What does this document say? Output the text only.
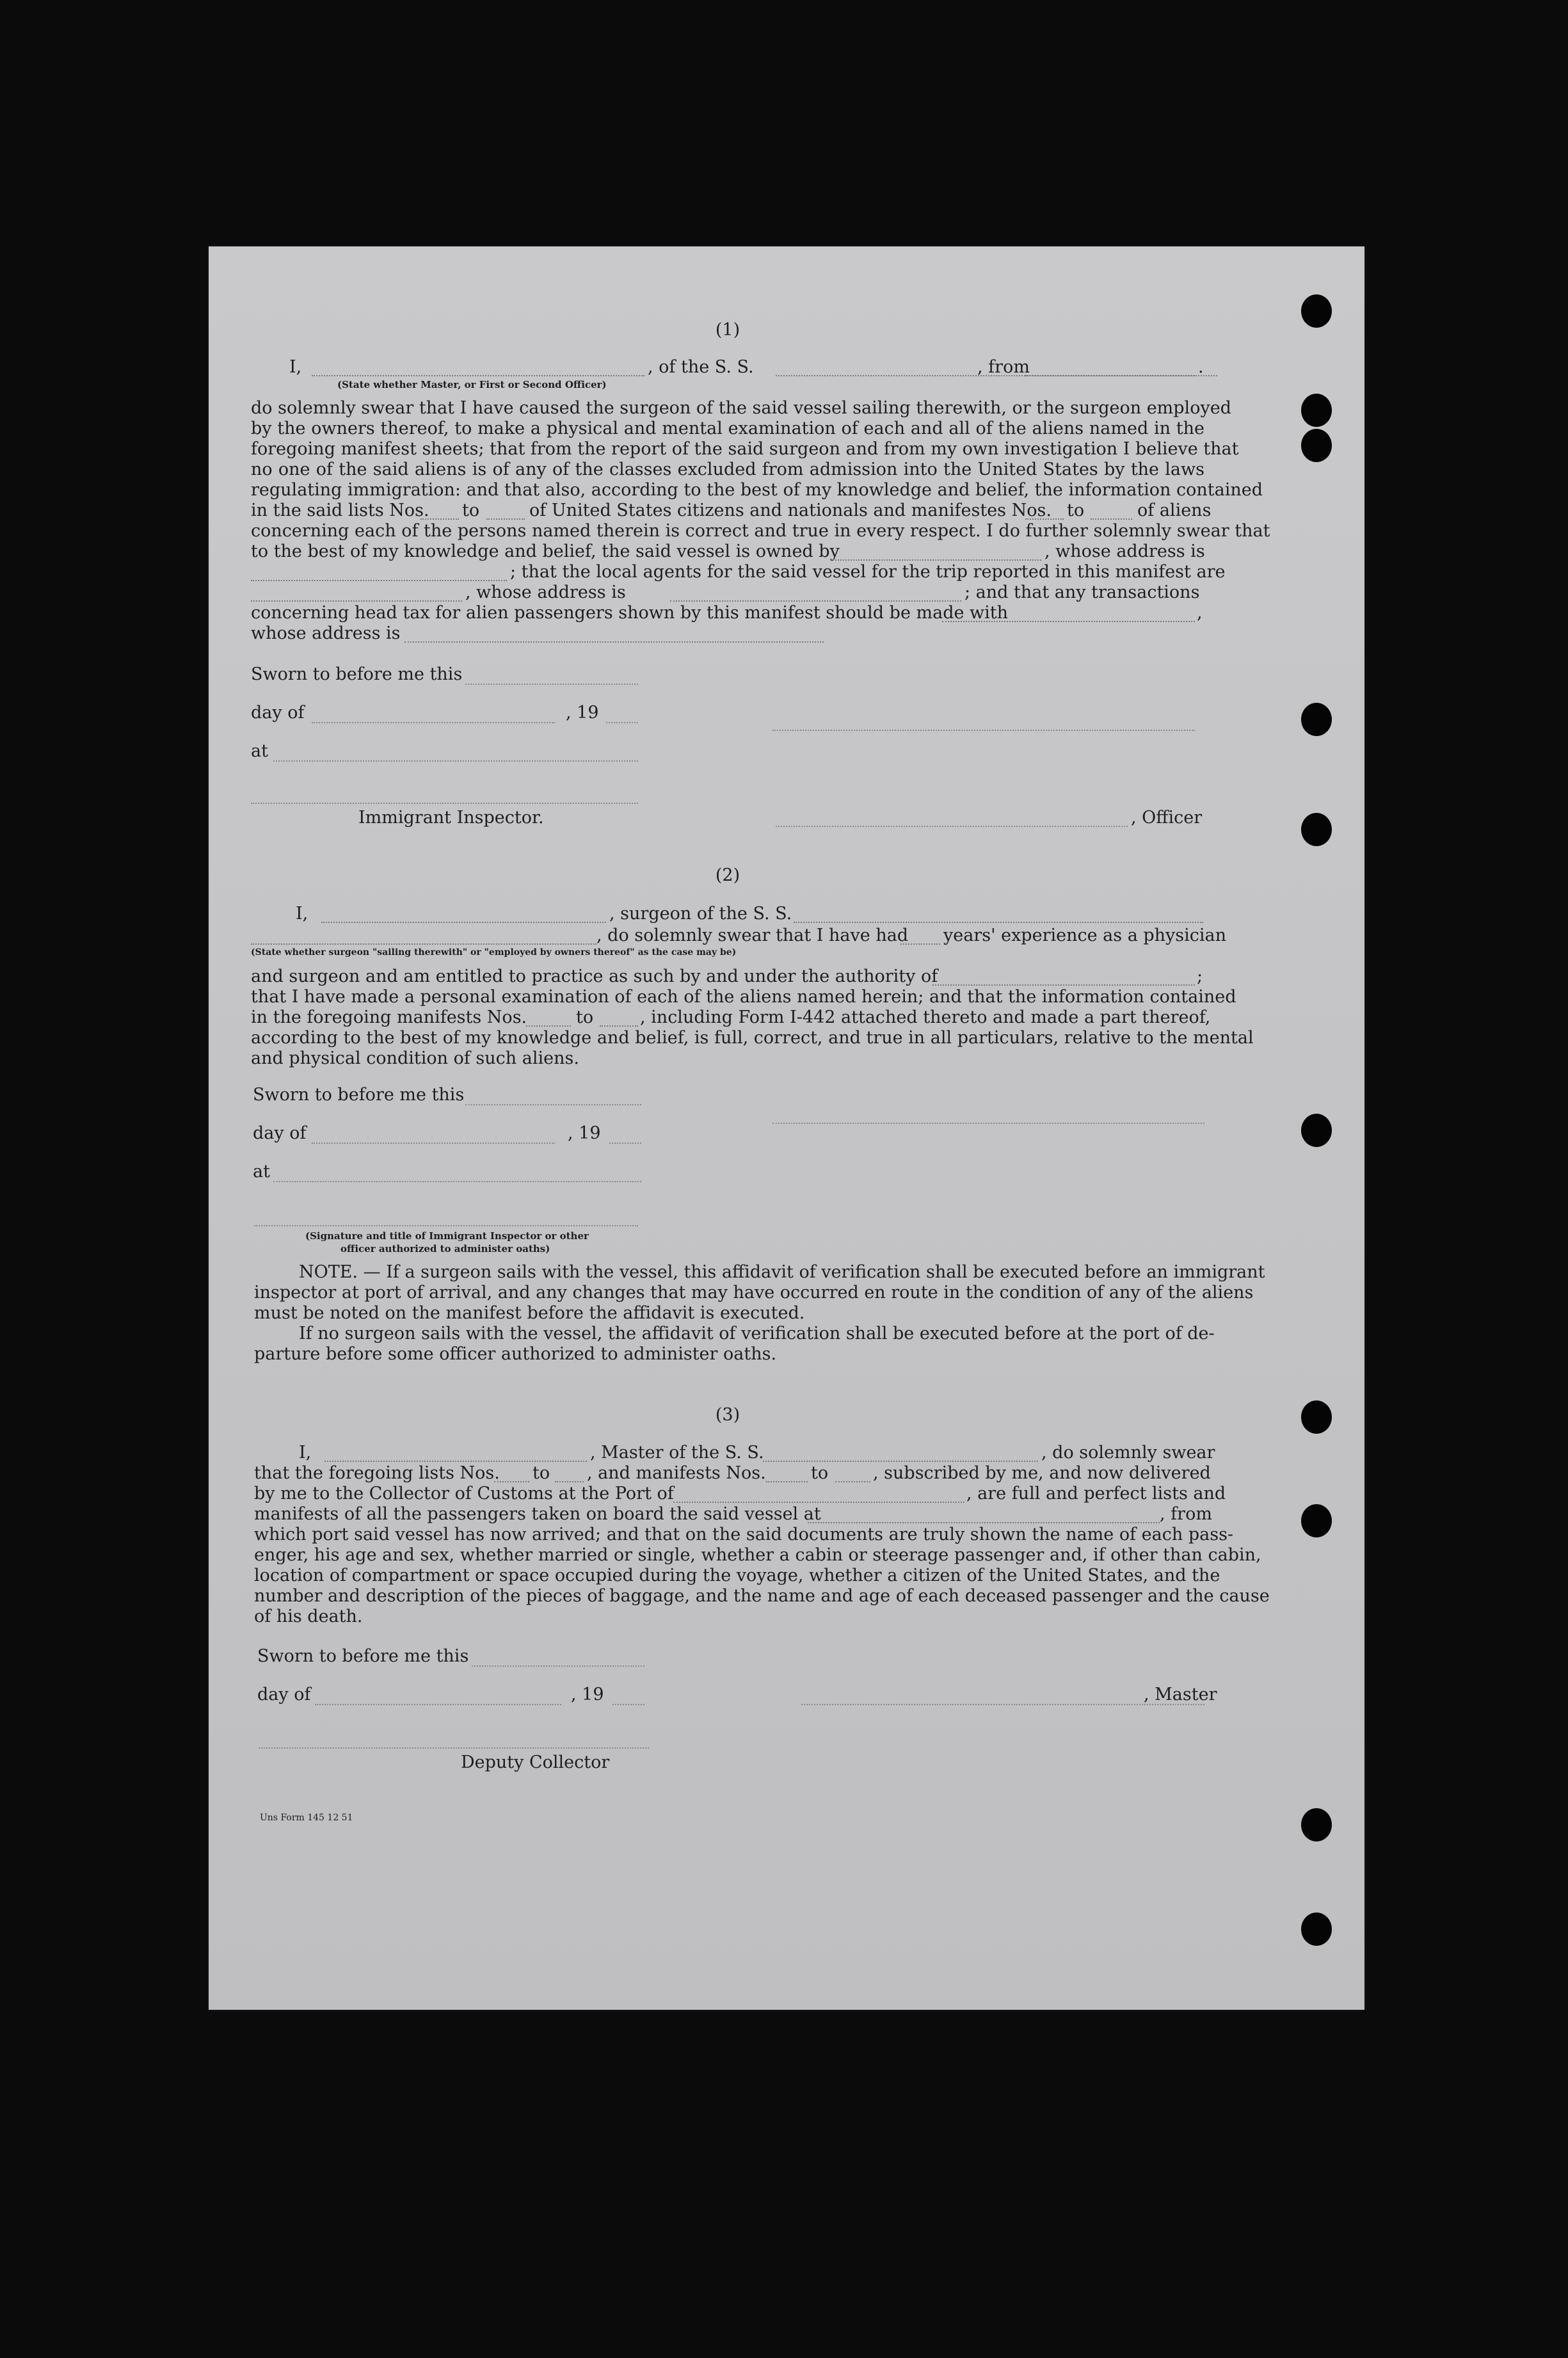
(1)
I,	, of the S. S.	, from	.
(State whether Master, or First or Second Officer)
do solemnly swear that I have caused the surgeon of the said vessel sailing therewith, or the surgeon employed
by the owners thereof, to make a physical and mental examination of each and all of the aliens named in the
foregoing manifest sheets; that from the report of the said surgeon and from my own investigation I believe that
no one of the said aliens is of any of the classes excluded from admission into the United States by the laws
regulating immigration: and that also, according to the best of my knowledge and belief, the information contained
in the said lists Nos. to	of United States citizens and nationals and manifestes Nos. to	of aliens
concerning each of the persons named therein is correct and true in every respect. I do further solemnly swear that
to the best of my knowledge and belief, the said vessel is owned by	, whose address is
; that the local agents for the said vessel for the trip reported in this manifest are
, whose address is	; and that any transactions
concerning head tax for alien passengers shown by this manifest should be made with	,
whose address is
Sworn to before me this
day of	, 19
at
Immigrant Inspector.	, Officer
(2)
I,	, surgeon of the S. S.
, do solemnly swear that I have had years' experience as a physician
(State whether surgeon "sailing therewith" or "employed by owners thereof" as the case may be)
and surgeon and am entitled to practice as such by and under the authority of	;
that I have made a personal examination of each of the aliens named herein; and that the information contained
in the foregoing manifests Nos.	to	, including Form I-442 attached thereto and made a part thereof,
according to the best of my knowledge and belief, is full, correct, and true in all particulars, relative to the mental
and physical condition of such aliens.
Sworn to before me this
day of	, 19
at
(Signature and title of Immigrant Inspector or other
officer authorized to administer oaths)
NOTE. — If a surgeon sails with the vessel, this affidavit of verification shall be executed before an immigrant
inspector at port of arrival, and any changes that may have occurred en route in the condition of any of the aliens
must be noted on the manifest before the affidavit is executed.
If no surgeon sails with the vessel, the affidavit of verification shall be executed before at the port of de-
parture before some officer authorized to administer oaths.
(3)
I,	, Master of the S. S.	, do solemnly swear
that the foregoing lists Nos. to , and manifests Nos.	to	, subscribed by me, and now delivered
by me to the Collector of Customs at the Port of	, are full and perfect lists and
manifests of all the passengers taken on board the said vessel at	, from
which port said vessel has now arrived; and that on the said documents are truly shown the name of each pass-
enger, his age and sex, whether married or single, whether a cabin or steerage passenger and, if other than cabin,
location of compartment or space occupied during the voyage, whether a citizen of the United States, and the
number and description of the pieces of baggage, and the name and age of each deceased passenger and the cause
of his death.
Sworn to before me this
day of	, 19	, Master
Deputy Collector
Uns Form 145 12 51
